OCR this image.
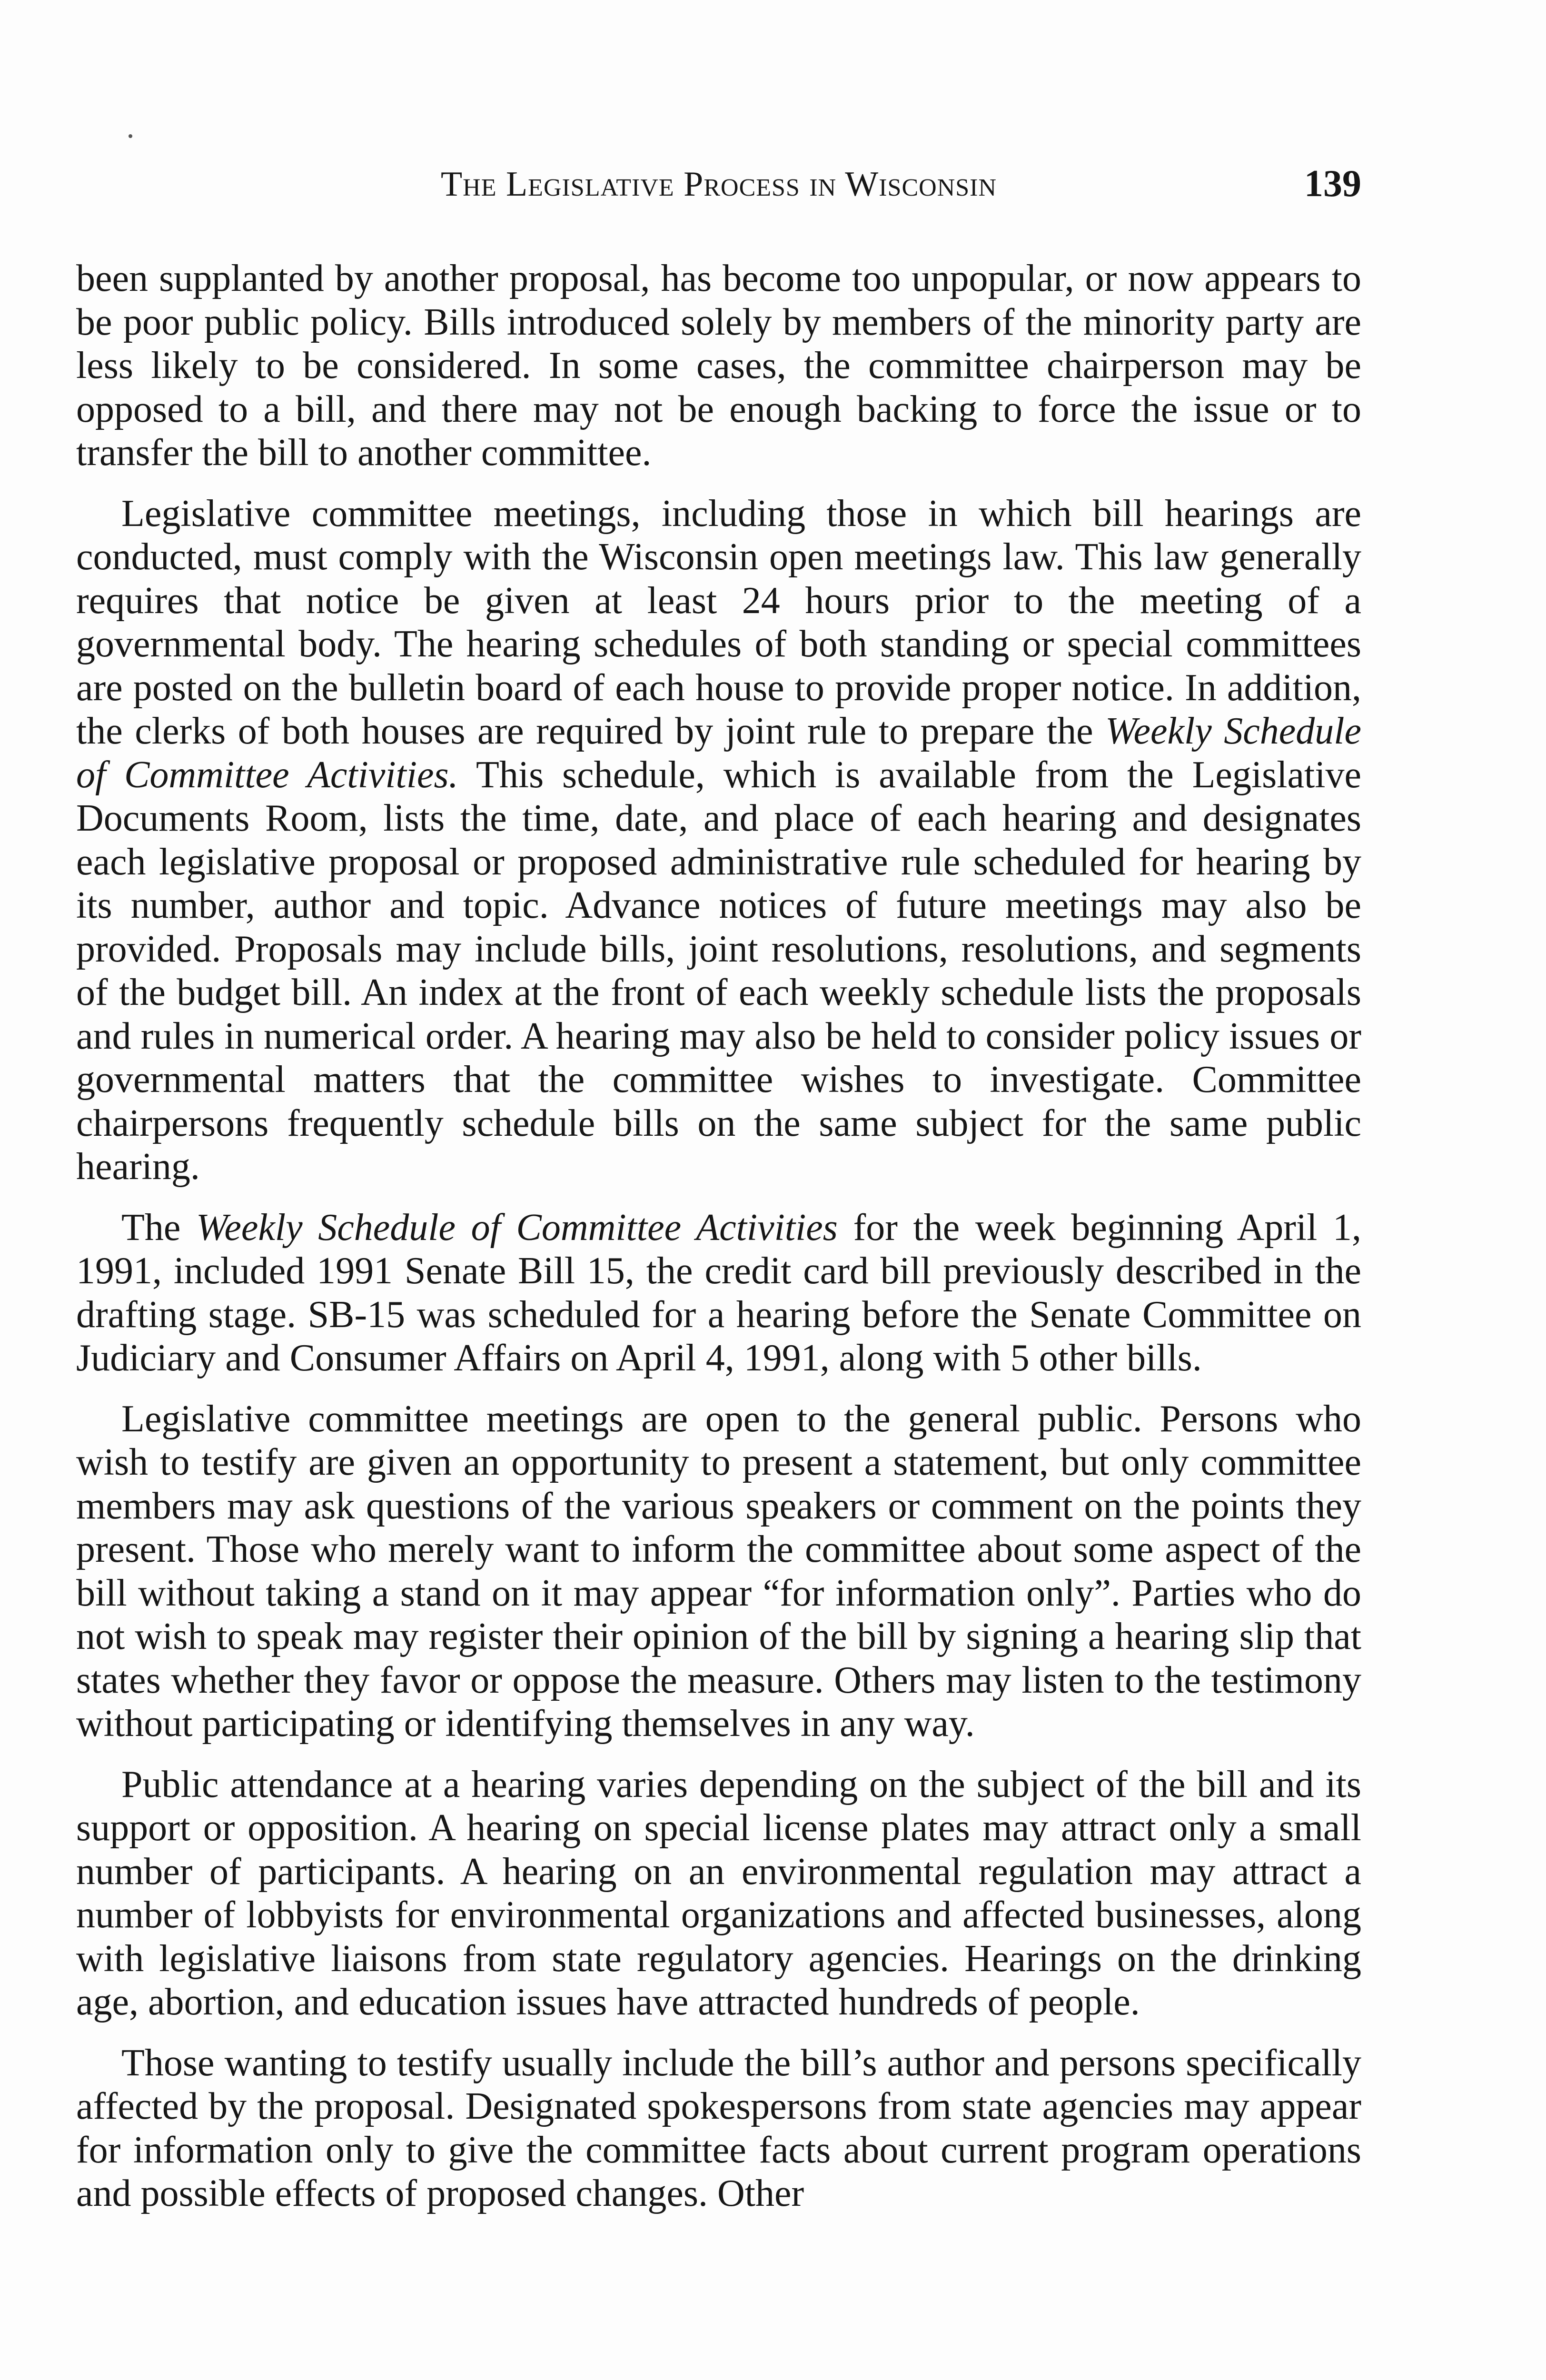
The Legislative Process in Wisconsin	139

been supplanted by another proposal, has become too unpopular, or now appears to be poor public policy. Bills introduced solely by members of the minority party are less likely to be considered. In some cases, the committee chairperson may be opposed to a bill, and there may not be enough backing to force the issue or to transfer the bill to another committee.

Legislative committee meetings, including those in which bill hearings are conducted, must comply with the Wisconsin open meetings law. This law generally requires that notice be given at least 24 hours prior to the meeting of a governmental body. The hearing schedules of both standing or special committees are posted on the bulletin board of each house to provide proper notice. In addition, the clerks of both houses are required by joint rule to prepare the Weekly Schedule of Committee Activities. This schedule, which is available from the Legislative Documents Room, lists the time, date, and place of each hearing and designates each legislative proposal or proposed administrative rule scheduled for hearing by its number, author and topic. Advance notices of future meetings may also be provided. Proposals may include bills, joint resolutions, resolutions, and segments of the budget bill. An index at the front of each weekly schedule lists the proposals and rules in numerical order. A hearing may also be held to consider policy issues or governmental matters that the committee wishes to investigate. Committee chairpersons frequently schedule bills on the same subject for the same public hearing.

The Weekly Schedule of Committee Activities for the week beginning April 1, 1991, included 1991 Senate Bill 15, the credit card bill previously described in the drafting stage. SB-15 was scheduled for a hearing before the Senate Committee on Judiciary and Consumer Affairs on April 4, 1991, along with 5 other bills.

Legislative committee meetings are open to the general public. Persons who wish to testify are given an opportunity to present a statement, but only committee members may ask questions of the various speakers or comment on the points they present. Those who merely want to inform the committee about some aspect of the bill without taking a stand on it may appear “for information only”. Parties who do not wish to speak may register their opinion of the bill by signing a hearing slip that states whether they favor or oppose the measure. Others may listen to the testimony without participating or identifying themselves in any way.

Public attendance at a hearing varies depending on the subject of the bill and its support or opposition. A hearing on special license plates may attract only a small number of participants. A hearing on an environmental regulation may attract a number of lobbyists for environmental organizations and affected businesses, along with legislative liaisons from state regulatory agencies. Hearings on the drinking age, abortion, and education issues have attracted hundreds of people.

Those wanting to testify usually include the bill’s author and persons specifically affected by the proposal. Designated spokespersons from state agencies may appear for information only to give the committee facts about current program operations and possible effects of proposed changes. Other
